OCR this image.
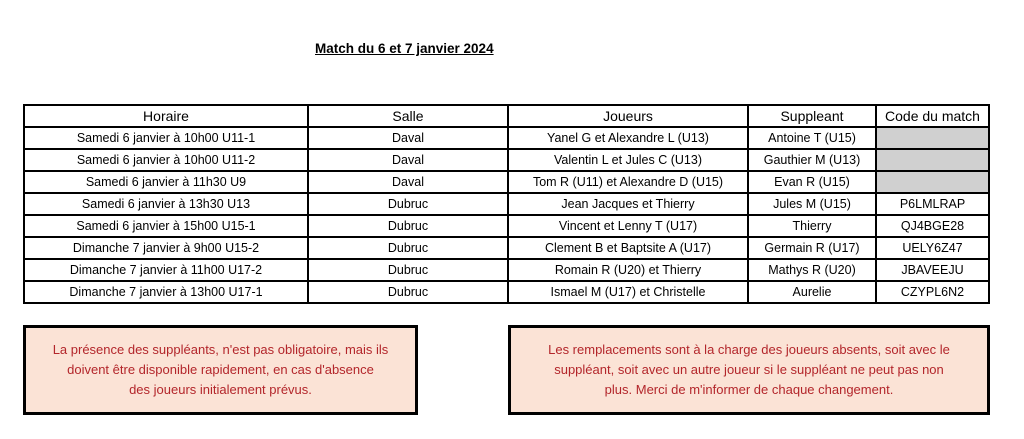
Match du 6 et 7 janvier 2024
Horaire	Salle	Joueurs	Suppleant	Code du match
Samedi 6 janvier à 10h00 U11-1	Daval	Yanel G et Alexandre L (U13)	Antoine T (U15)
Samedi 6 janvier à 10h00 U11-2	Daval	Valentin L et Jules C (U13)	Gauthier M (U13)
Samedi 6 janvier à 11h30 U9	Daval	Tom R (U11) et Alexandre D (U15)	Evan R (U15)
Samedi 6 janvier à 13h30 U13	Dubruc	Jean Jacques et Thierry	Jules M (U15)	P6LMLRAP
Samedi 6 janvier à 15h00 U15-1	Dubruc	Vincent et Lenny T (U17)	Thierry	QJ4BGE28
Dimanche 7 janvier à 9h00 U15-2	Dubruc	Clement B et Baptsite A (U17)	Germain R (U17)	UELY6Z47
Dimanche 7 janvier à 11h00 U17-2	Dubruc	Romain R (U20) et Thierry	Mathys R (U20)	JBAVEEJU
Dimanche 7 janvier à 13h00 U17-1	Dubruc	Ismael M (U17) et Christelle	Aurelie	CZYPL6N2
La présence des suppléants, n'est pas obligatoire, mais ils
doivent être disponible rapidement, en cas d'absence
des joueurs initialement prévus.
Les remplacements sont à la charge des joueurs absents, soit avec le
suppléant, soit avec un autre joueur si le suppléant ne peut pas non
plus. Merci de m'informer de chaque changement.
